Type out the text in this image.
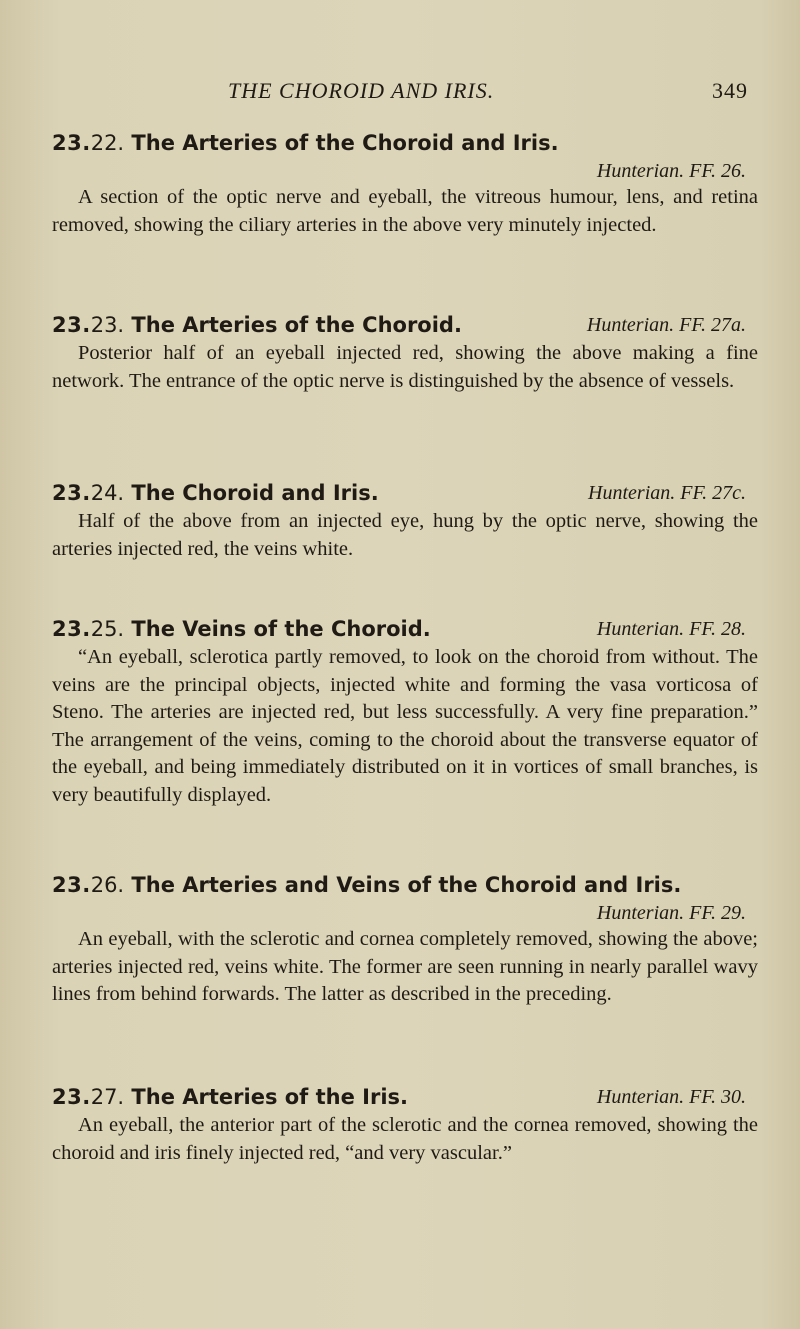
THE CHOROID AND IRIS.	349
23.22. The Arteries of the Choroid and Iris.
Hunterian. FF. 26.

A section of the optic nerve and eyeball, the vitreous humour, lens, and retina removed, showing the ciliary arteries in the above very minutely injected.

23.23. The Arteries of the Choroid.	Hunterian. FF. 27a.

Posterior half of an eyeball injected red, showing the above making a fine network. The entrance of the optic nerve is distinguished by the absence of vessels.

23.24. The Choroid and Iris.	Hunterian. FF. 27c.

Half of the above from an injected eye, hung by the optic nerve, showing the arteries injected red, the veins white.

23.25. The Veins of the Choroid.	Hunterian. FF. 28.

“An eyeball, sclerotica partly removed, to look on the choroid from without. The veins are the principal objects, injected white and forming the vasa vorticosa of Steno. The arteries are injected red, but less successfully. A very fine preparation.” The arrangement of the veins, coming to the choroid about the transverse equator of the eyeball, and being immediately distributed on it in vortices of small branches, is very beautifully displayed.

23.26. The Arteries and Veins of the Choroid and Iris.
Hunterian. FF. 29.

An eyeball, with the sclerotic and cornea completely removed, showing the above; arteries injected red, veins white. The former are seen running in nearly parallel wavy lines from behind forwards. The latter as described in the preceding.

23.27. The Arteries of the Iris.	Hunterian. FF. 30.

An eyeball, the anterior part of the sclerotic and the cornea removed, showing the choroid and iris finely injected red, “and very vascular.”
